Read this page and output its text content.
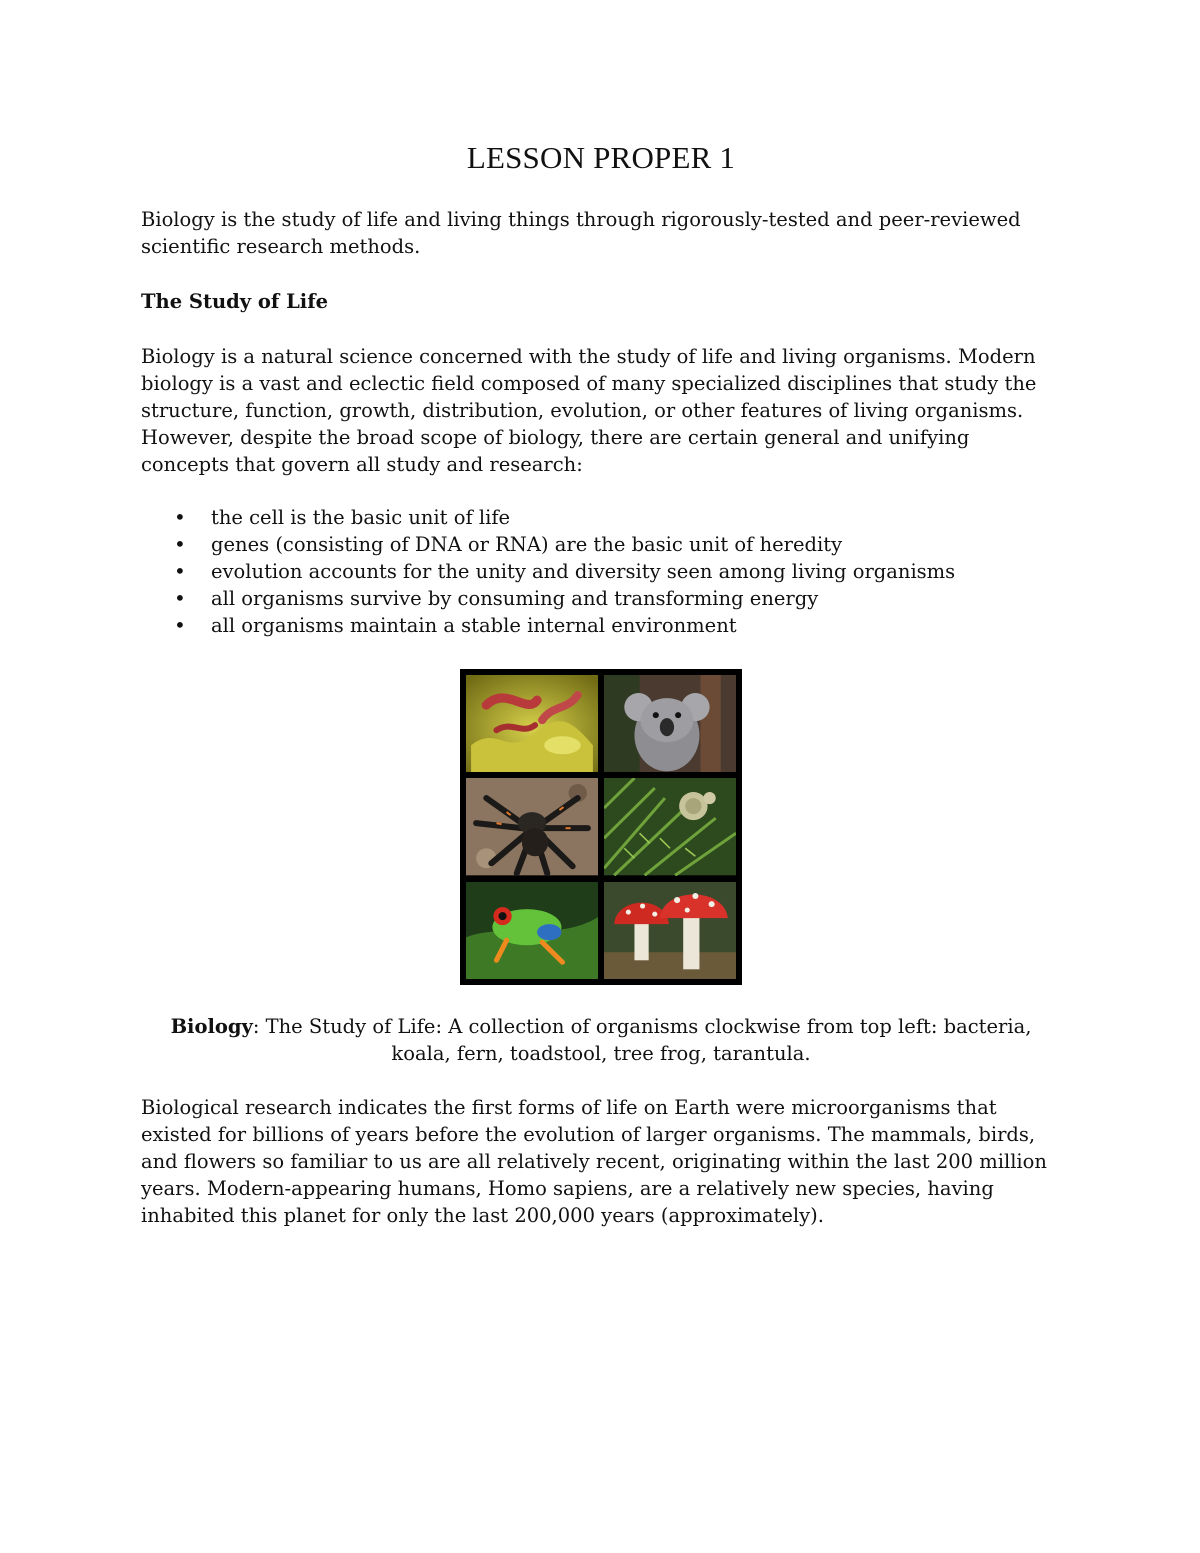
LESSON PROPER 1

Biology is the study of life and living things through rigorously-tested and peer-reviewed scientific research methods.

The Study of Life

Biology is a natural science concerned with the study of life and living organisms. Modern biology is a vast and eclectic field composed of many specialized disciplines that study the structure, function, growth, distribution, evolution, or other features of living organisms. However, despite the broad scope of biology, there are certain general and unifying concepts that govern all study and research:

• the cell is the basic unit of life
• genes (consisting of DNA or RNA) are the basic unit of heredity
• evolution accounts for the unity and diversity seen among living organisms
• all organisms survive by consuming and transforming energy
• all organisms maintain a stable internal environment

Biology: The Study of Life: A collection of organisms clockwise from top left: bacteria, koala, fern, toadstool, tree frog, tarantula.

Biological research indicates the first forms of life on Earth were microorganisms that existed for billions of years before the evolution of larger organisms. The mammals, birds, and flowers so familiar to us are all relatively recent, originating within the last 200 million years. Modern-appearing humans, Homo sapiens, are a relatively new species, having inhabited this planet for only the last 200,000 years (approximately).
